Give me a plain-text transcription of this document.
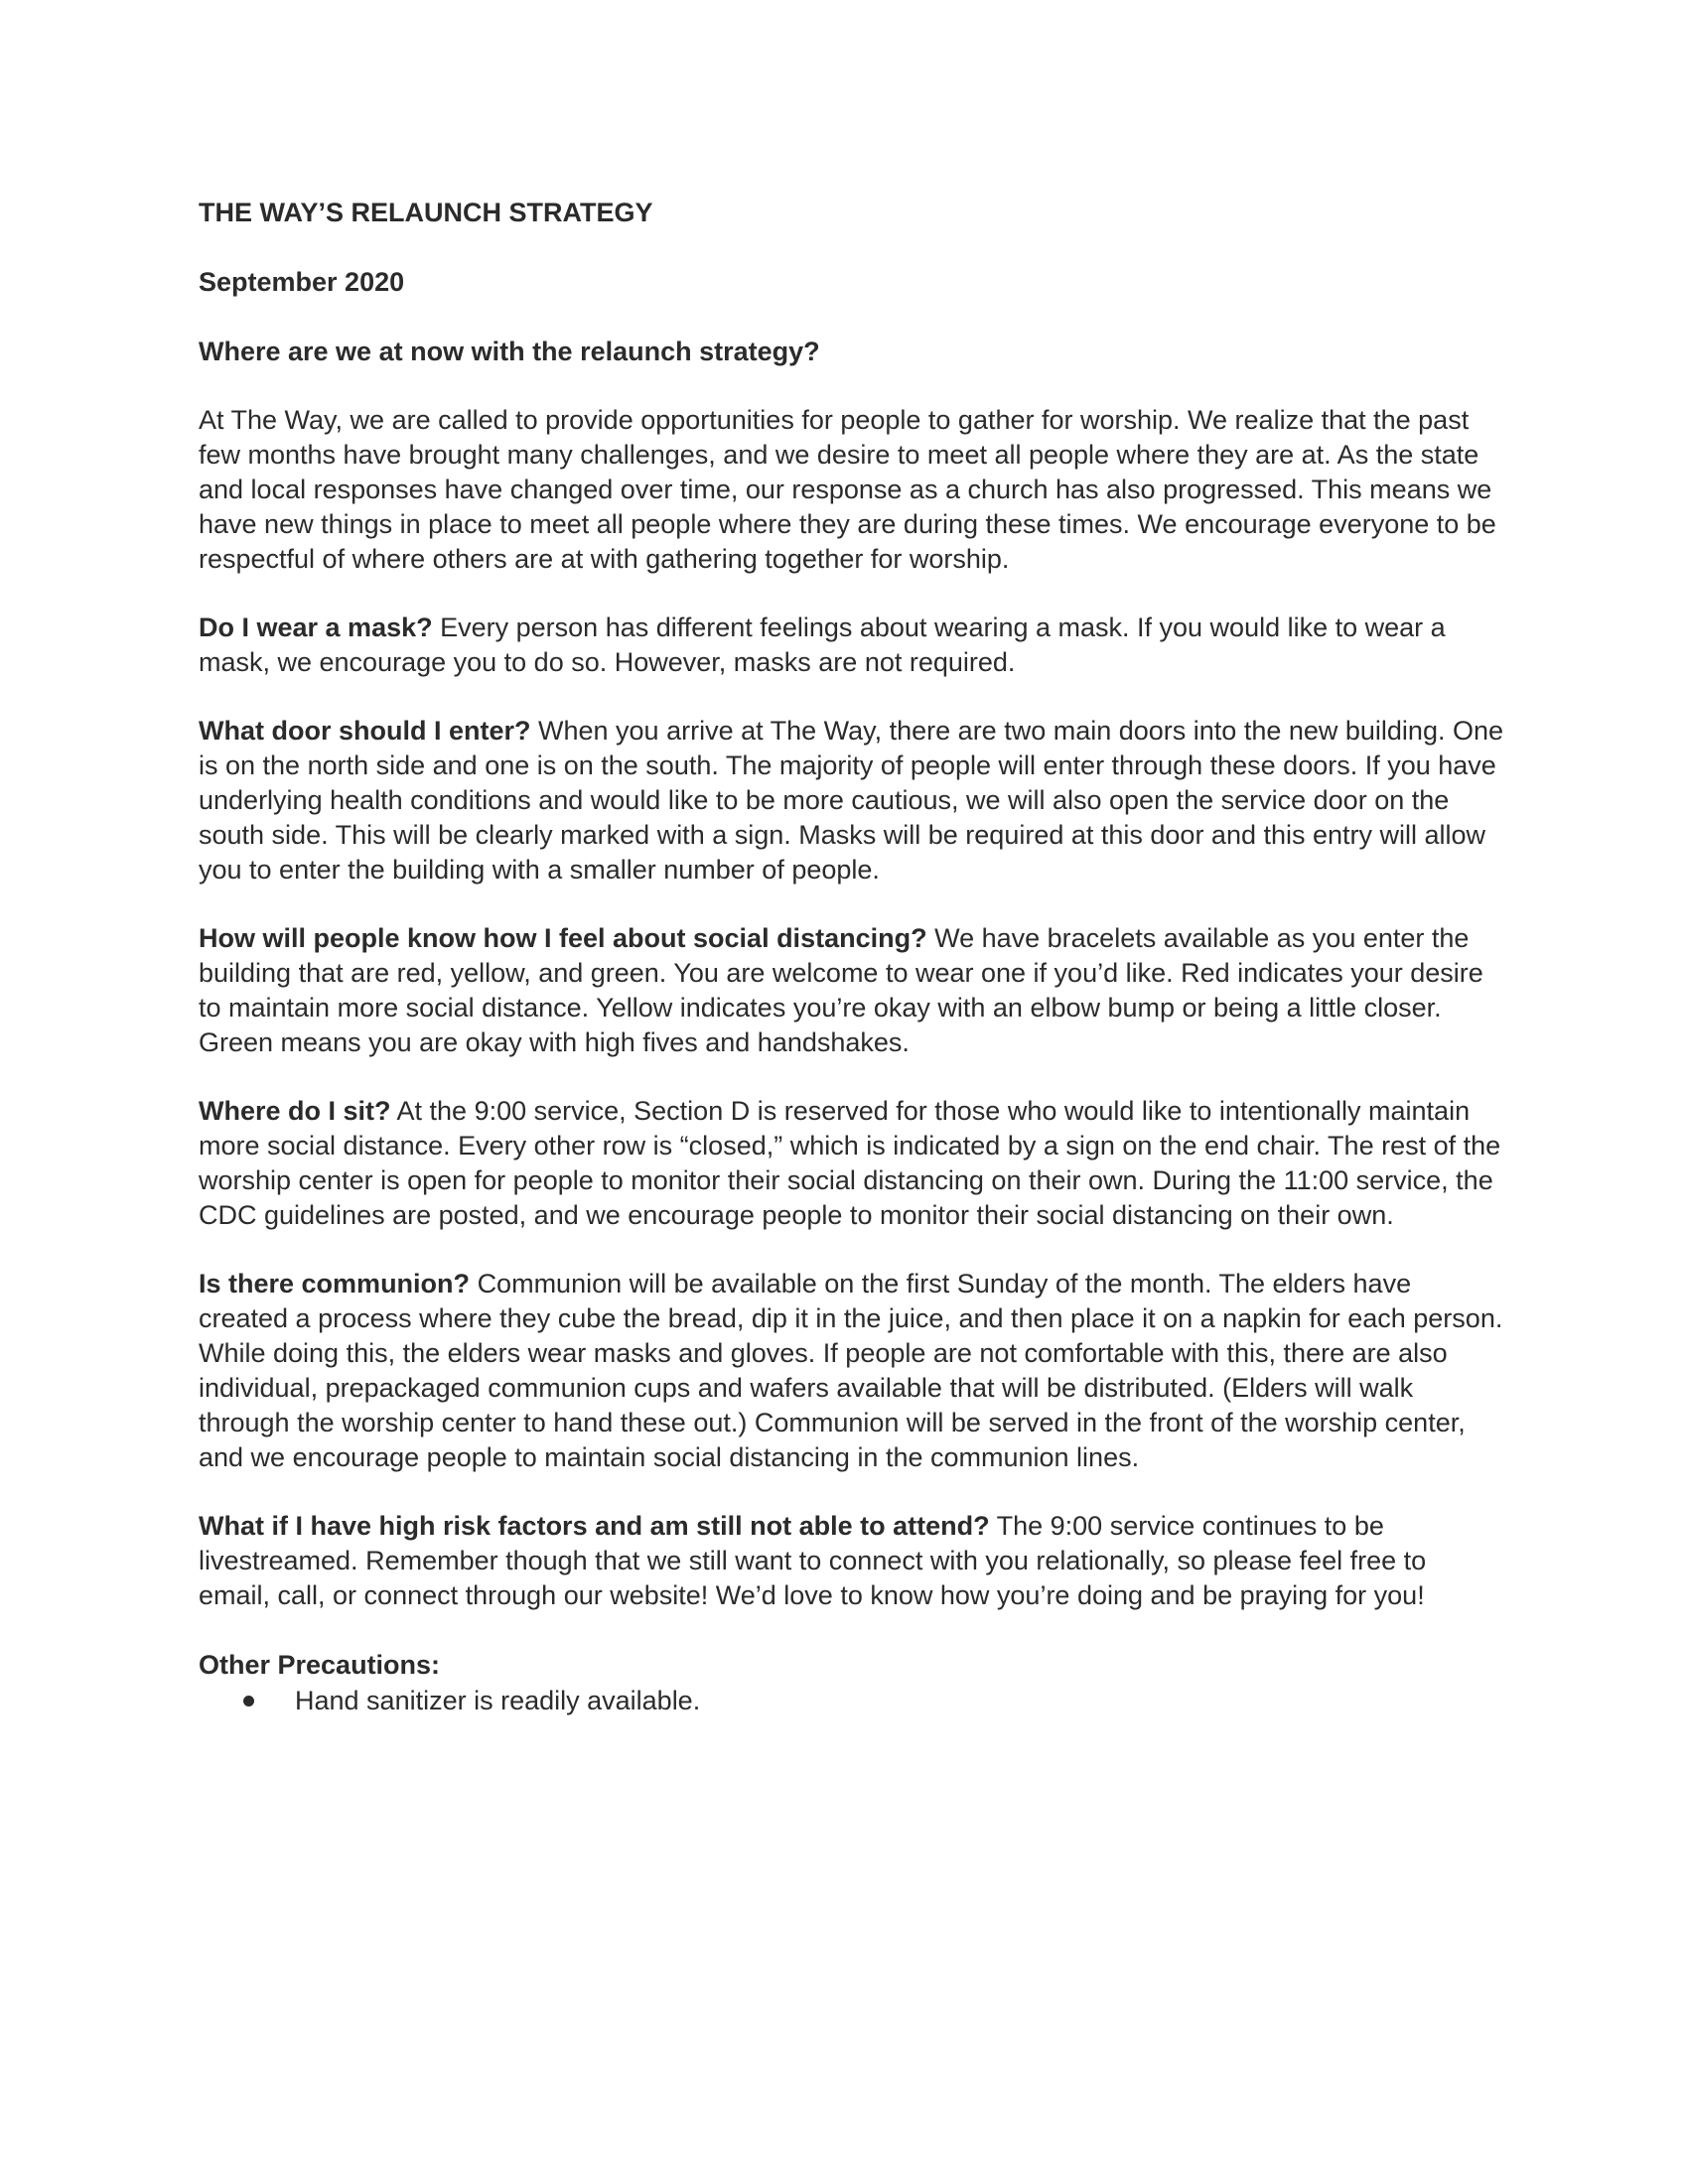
THE WAY’S RELAUNCH STRATEGY
September 2020
Where are we at now with the relaunch strategy?

At The Way, we are called to provide opportunities for people to gather for worship. We realize that the past few months have brought many challenges, and we desire to meet all people where they are at. As the state and local responses have changed over time, our response as a church has also progressed. This means we have new things in place to meet all people where they are during these times. We encourage everyone to be respectful of where others are at with gathering together for worship.

Do I wear a mask? Every person has different feelings about wearing a mask. If you would like to wear a mask, we encourage you to do so. However, masks are not required.

What door should I enter? When you arrive at The Way, there are two main doors into the new building. One is on the north side and one is on the south. The majority of people will enter through these doors. If you have underlying health conditions and would like to be more cautious, we will also open the service door on the south side. This will be clearly marked with a sign. Masks will be required at this door and this entry will allow you to enter the building with a smaller number of people.

How will people know how I feel about social distancing? We have bracelets available as you enter the building that are red, yellow, and green. You are welcome to wear one if you’d like. Red indicates your desire to maintain more social distance. Yellow indicates you’re okay with an elbow bump or being a little closer. Green means you are okay with high fives and handshakes.

Where do I sit? At the 9:00 service, Section D is reserved for those who would like to intentionally maintain more social distance. Every other row is “closed,” which is indicated by a sign on the end chair. The rest of the worship center is open for people to monitor their social distancing on their own. During the 11:00 service, the CDC guidelines are posted, and we encourage people to monitor their social distancing on their own.

Is there communion? Communion will be available on the first Sunday of the month. The elders have created a process where they cube the bread, dip it in the juice, and then place it on a napkin for each person. While doing this, the elders wear masks and gloves. If people are not comfortable with this, there are also individual, prepackaged communion cups and wafers available that will be distributed. (Elders will walk through the worship center to hand these out.) Communion will be served in the front of the worship center, and we encourage people to maintain social distancing in the communion lines.

What if I have high risk factors and am still not able to attend? The 9:00 service continues to be livestreamed. Remember though that we still want to connect with you relationally, so please feel free to email, call, or connect through our website! We’d love to know how you’re doing and be praying for you!

Other Precautions:
Hand sanitizer is readily available.
